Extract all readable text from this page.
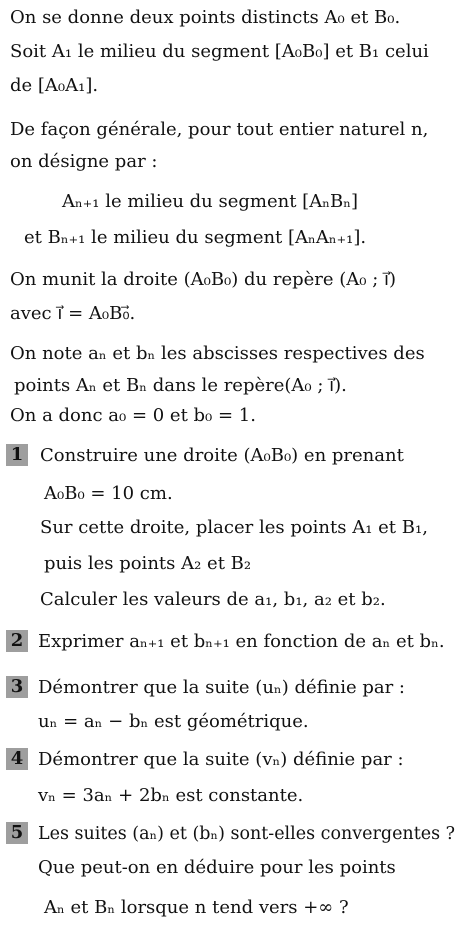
On se donne deux points distincts A₀ et B₀.
Soit A₁ le milieu du segment [A₀B₀] et B₁ celui
de [A₀A₁].
De façon générale, pour tout entier naturel n,
on désigne par :
Aₙ₊₁ le milieu du segment [AₙBₙ]
et Bₙ₊₁ le milieu du segment [AₙAₙ₊₁].
On munit la droite (A₀B₀) du repère (A₀ ; i⃗)
avec i⃗ = A₀B₀⃗.
On note aₙ et bₙ les abscisses respectives des
points Aₙ et Bₙ dans le repère(A₀ ; i⃗).
On a donc a₀ = 0 et b₀ = 1.
1 Construire une droite (A₀B₀) en prenant
A₀B₀ = 10 cm.
Sur cette droite, placer les points A₁ et B₁,
puis les points A₂ et B₂
Calculer les valeurs de a₁, b₁, a₂ et b₂.
2 Exprimer aₙ₊₁ et bₙ₊₁ en fonction de aₙ et bₙ.
3 Démontrer que la suite (uₙ) définie par :
uₙ = aₙ − bₙ est géométrique.
4 Démontrer que la suite (vₙ) définie par :
vₙ = 3aₙ + 2bₙ est constante.
5 Les suites (aₙ) et (bₙ) sont-elles convergentes ?
Que peut-on en déduire pour les points
Aₙ et Bₙ lorsque n tend vers +∞ ?
